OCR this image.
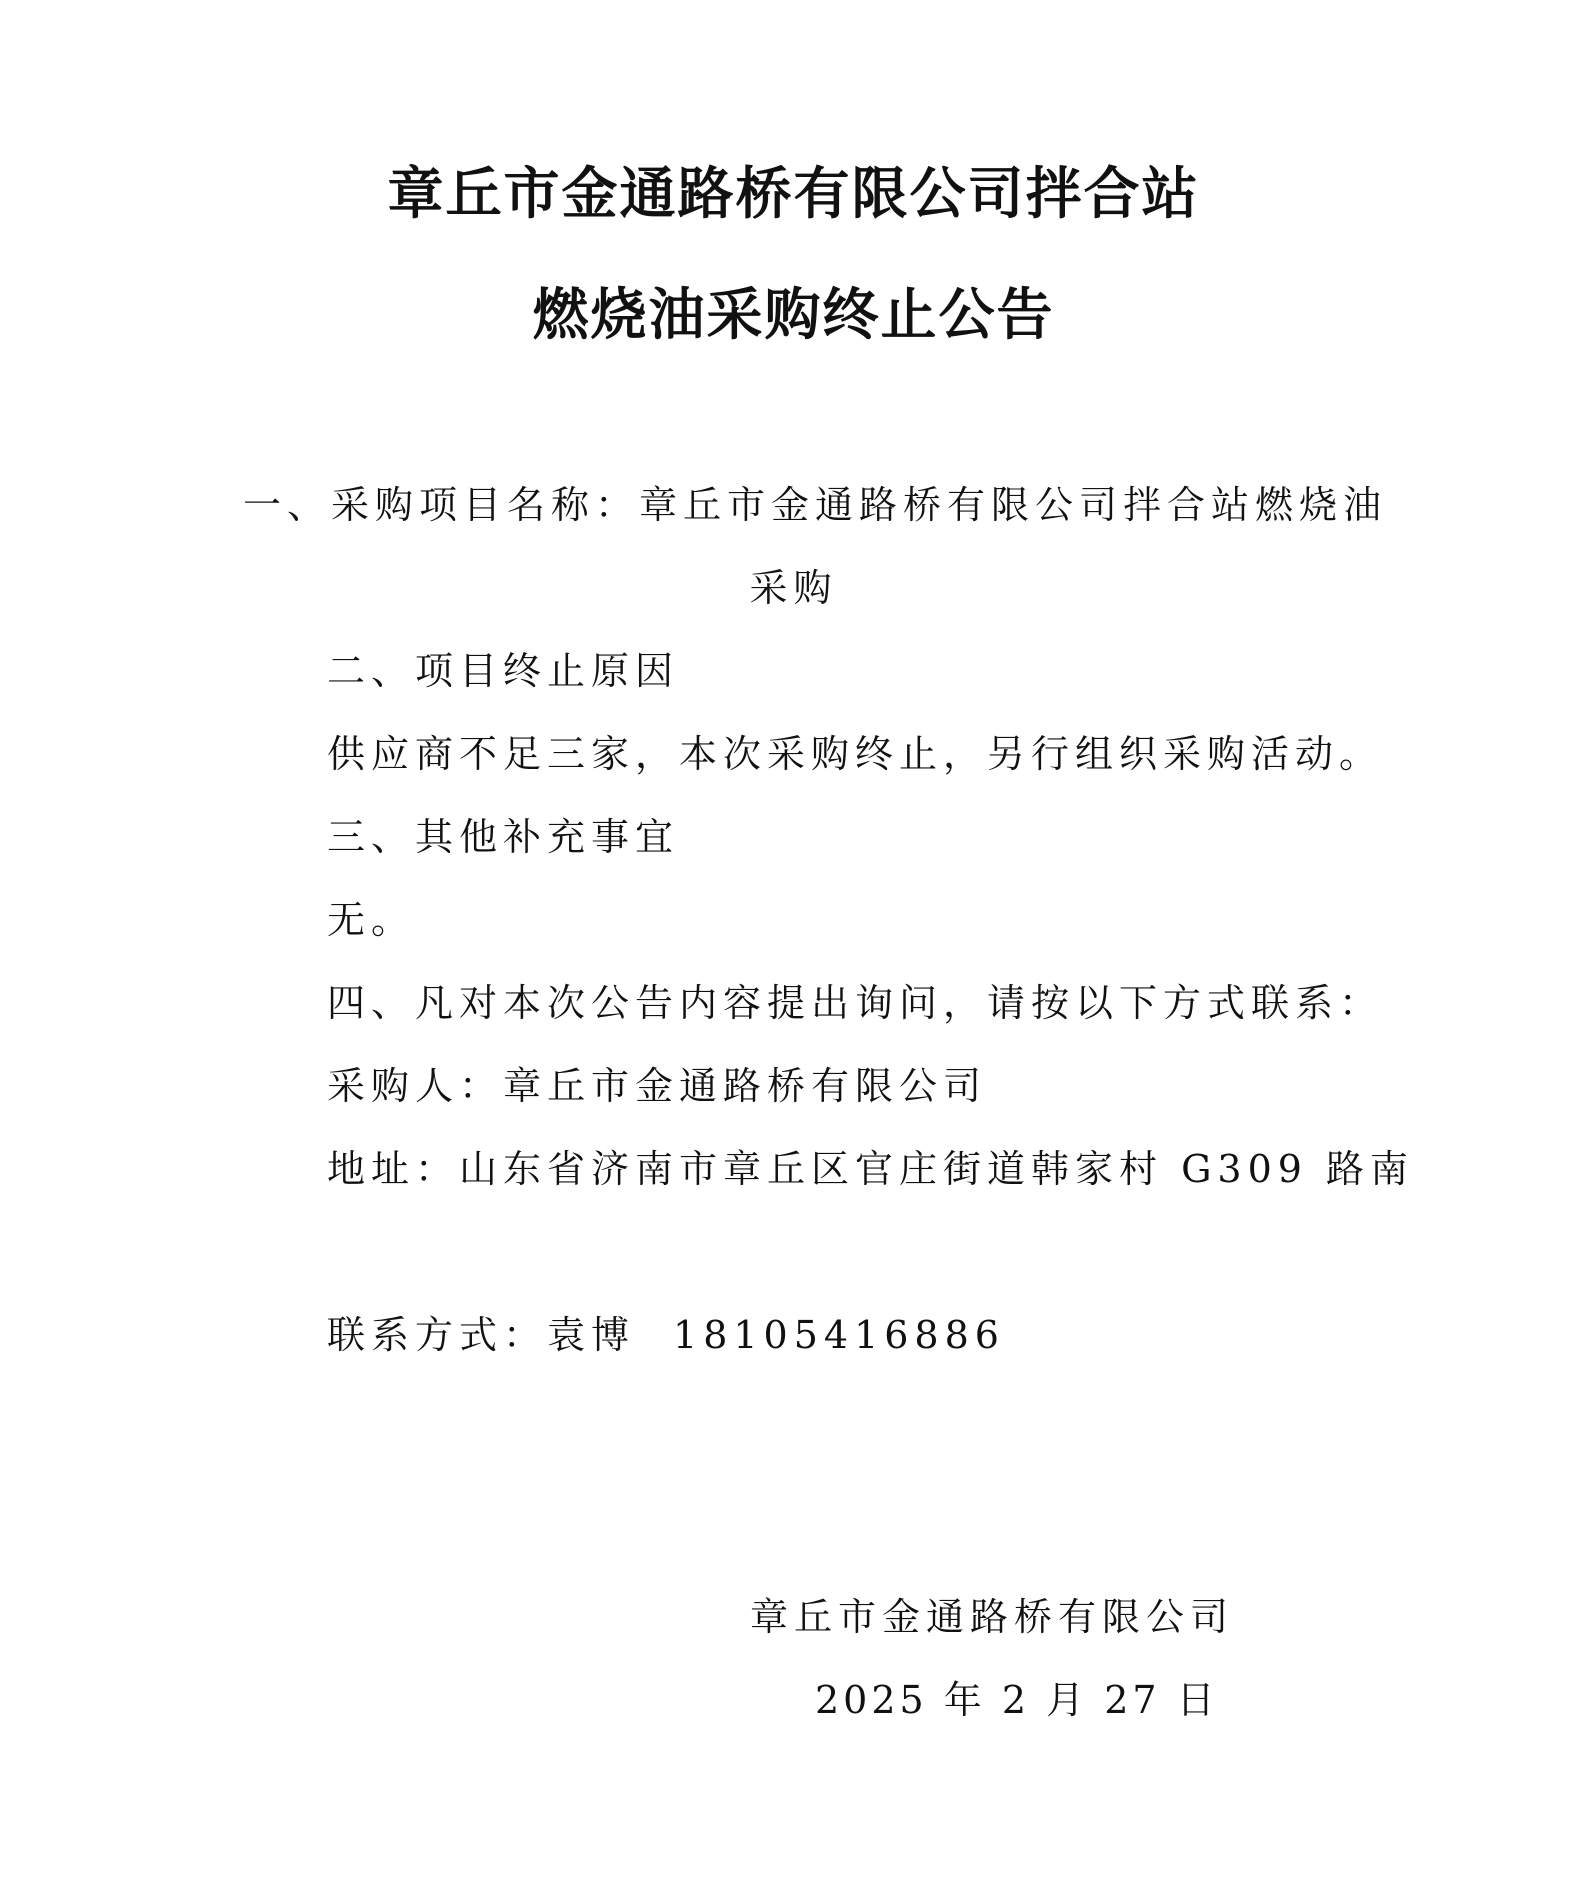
章丘市金通路桥有限公司拌合站
燃烧油采购终止公告
一、采购项目名称：章丘市金通路桥有限公司拌合站燃烧油
采购
二、项目终止原因
供应商不足三家，本次采购终止，另行组织采购活动。
三、其他补充事宜
无。
四、凡对本次公告内容提出询问，请按以下方式联系：
采购人：章丘市金通路桥有限公司
地址：山东省济南市章丘区官庄街道韩家村 G309 路南
联系方式：袁博 18105416886
章丘市金通路桥有限公司
2025 年 2 月 27 日
